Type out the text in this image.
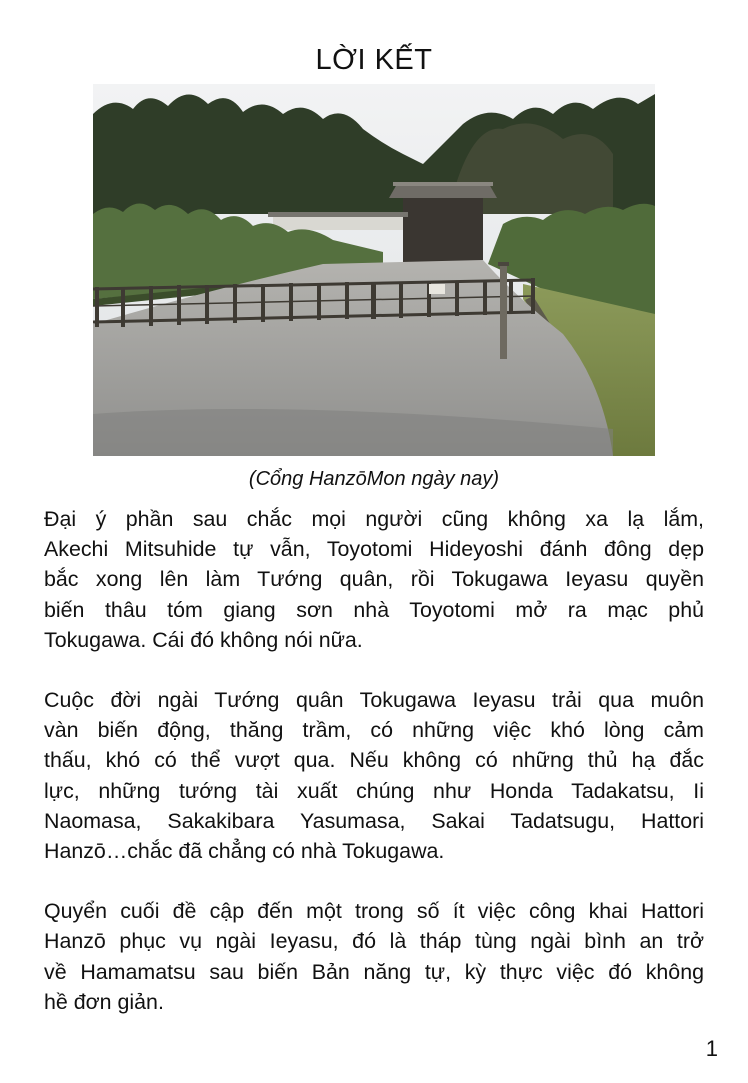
LỜI KẾT
(Cổng HanzōMon ngày nay)

Đại ý phần sau chắc mọi người cũng không xa lạ lắm,
Akechi Mitsuhide tự vẫn, Toyotomi Hideyoshi đánh đông dẹp
bắc xong lên làm Tướng quân, rồi Tokugawa Ieyasu quyền
biến thâu tóm giang sơn nhà Toyotomi mở ra mạc phủ
Tokugawa. Cái đó không nói nữa.

Cuộc đời ngài Tướng quân Tokugawa Ieyasu trải qua muôn
vàn biến động, thăng trầm, có những việc khó lòng cảm
thấu, khó có thể vượt qua. Nếu không có những thủ hạ đắc
lực, những tướng tài xuất chúng như Honda Tadakatsu, Ii
Naomasa, Sakakibara Yasumasa, Sakai Tadatsugu, Hattori
Hanzō…chắc đã chẳng có nhà Tokugawa.

Quyển cuối đề cập đến một trong số ít việc công khai Hattori
Hanzō phục vụ ngài Ieyasu, đó là tháp tùng ngài bình an trở
về Hamamatsu sau biến Bản năng tự, kỳ thực việc đó không
hề đơn giản.

1
